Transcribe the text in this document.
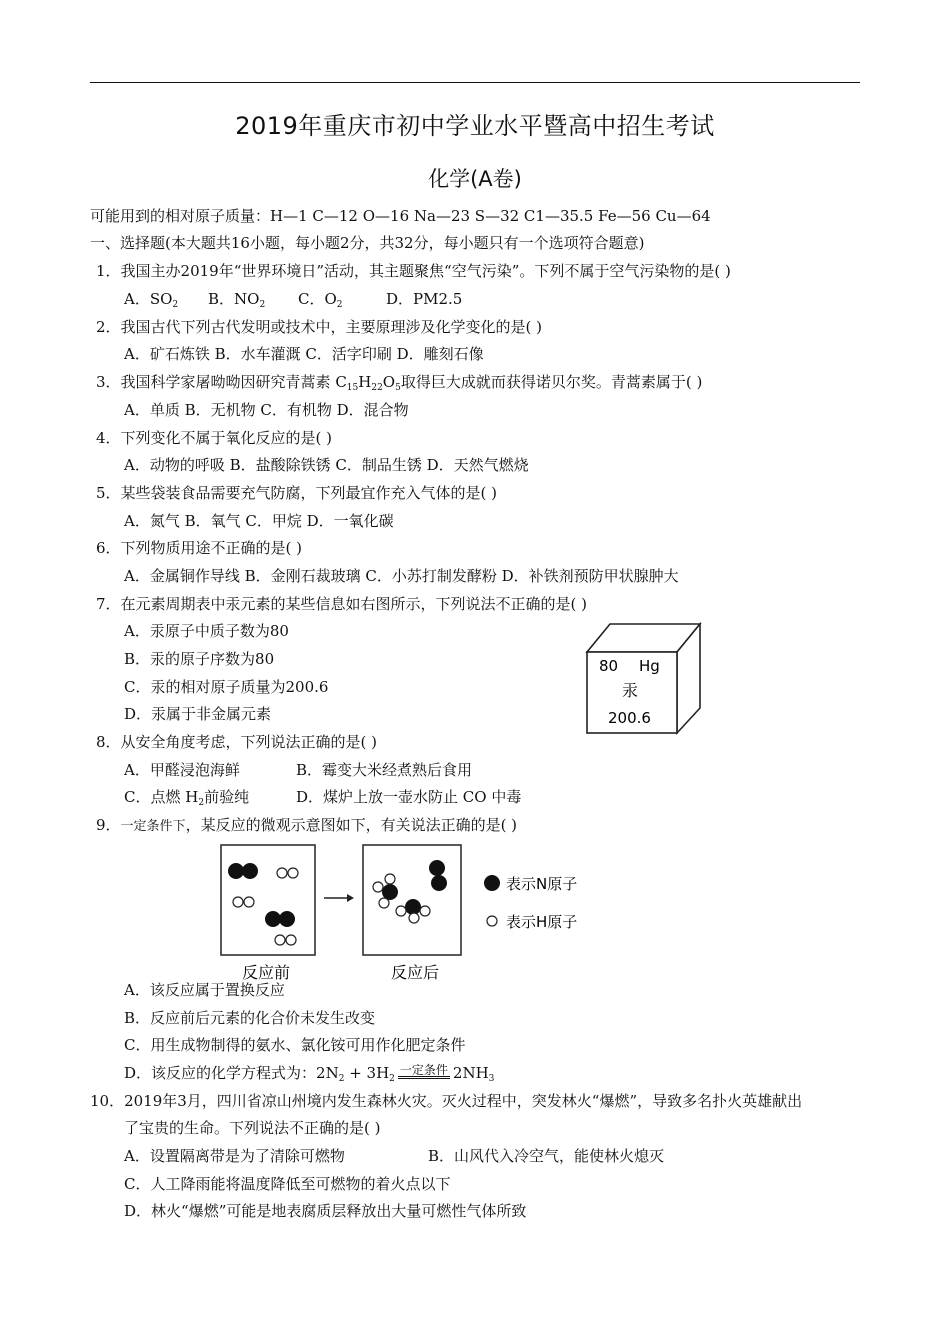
2019年重庆市初中学业水平暨高中招生考试
化学(A卷)
可能用到的相对原子质量：H—1 C—12 O—16 Na—23 S—32 C1—35.5 Fe—56 Cu—64
一、选择题(本大题共16小题，每小题2分，共32分，每小题只有一个选项符合题意)
1．我国主办2019年“世界环境日”活动，其主题聚焦“空气污染”。下列不属于空气污染物的是( )
A．$SO_2$	B．$NO_2$	C．$O_2$	D．PM2.5
2．我国古代下列古代发明或技术中，主要原理涉及化学变化的是( )
A．矿石炼铁 B．水车灌溉 C．活字印刷 D．雕刻石像
3．我国科学家屠呦呦因研究青蒿素 $C_{15}H_{22}O_5$取得巨大成就而获得诺贝尔奖。青蒿素属于( )
A．单质 B．无机物 C．有机物 D．混合物
4．下列变化不属于氧化反应的是( )
A．动物的呼吸 B．盐酸除铁锈 C．制品生锈 D．天然气燃烧
5．某些袋装食品需要充气防腐，下列最宜作充入气体的是( )
A．氮气 B．氧气 C．甲烷 D．一氧化碳
6．下列物质用途不正确的是( )
A．金属铜作导线 B．金刚石裁玻璃 C．小苏打制发酵粉 D．补铁剂预防甲状腺肿大
7．在元素周期表中汞元素的某些信息如右图所示，下列说法不正确的是( )
A．汞原子中质子数为80
B．汞的原子序数为80
C．汞的相对原子质量为200.6
D．汞属于非金属元素
80 Hg
汞
200.6
8．从安全角度考虑，下列说法正确的是( )
A．甲醛浸泡海鲜	B．霉变大米经煮熟后食用
C．点燃 $H_2$前验纯	D．煤炉上放一壶水防止 CO 中毒
9．一定条件下，某反应的微观示意图如下，有关说法正确的是( )
反应前	反应后
表示N原子
表示H原子
A．该反应属于置换反应
B．反应前后元素的化合价未发生改变
C．用生成物制得的氨水、氯化铵可用作化肥定条件
D．该反应的化学方程式为：$2N_2 + 3H_2$一定条件 $2NH_3$
10．2019年3月，四川省凉山州境内发生森林火灾。灭火过程中，突发林火“爆燃”，导致多名扑火英雄献出
了宝贵的生命。下列说法不正确的是( )
A．设置隔离带是为了清除可燃物	B．山风代入冷空气，能使林火熄灭
C．人工降雨能将温度降低至可燃物的着火点以下
D．林火“爆燃”可能是地表腐质层释放出大量可燃性气体所致
